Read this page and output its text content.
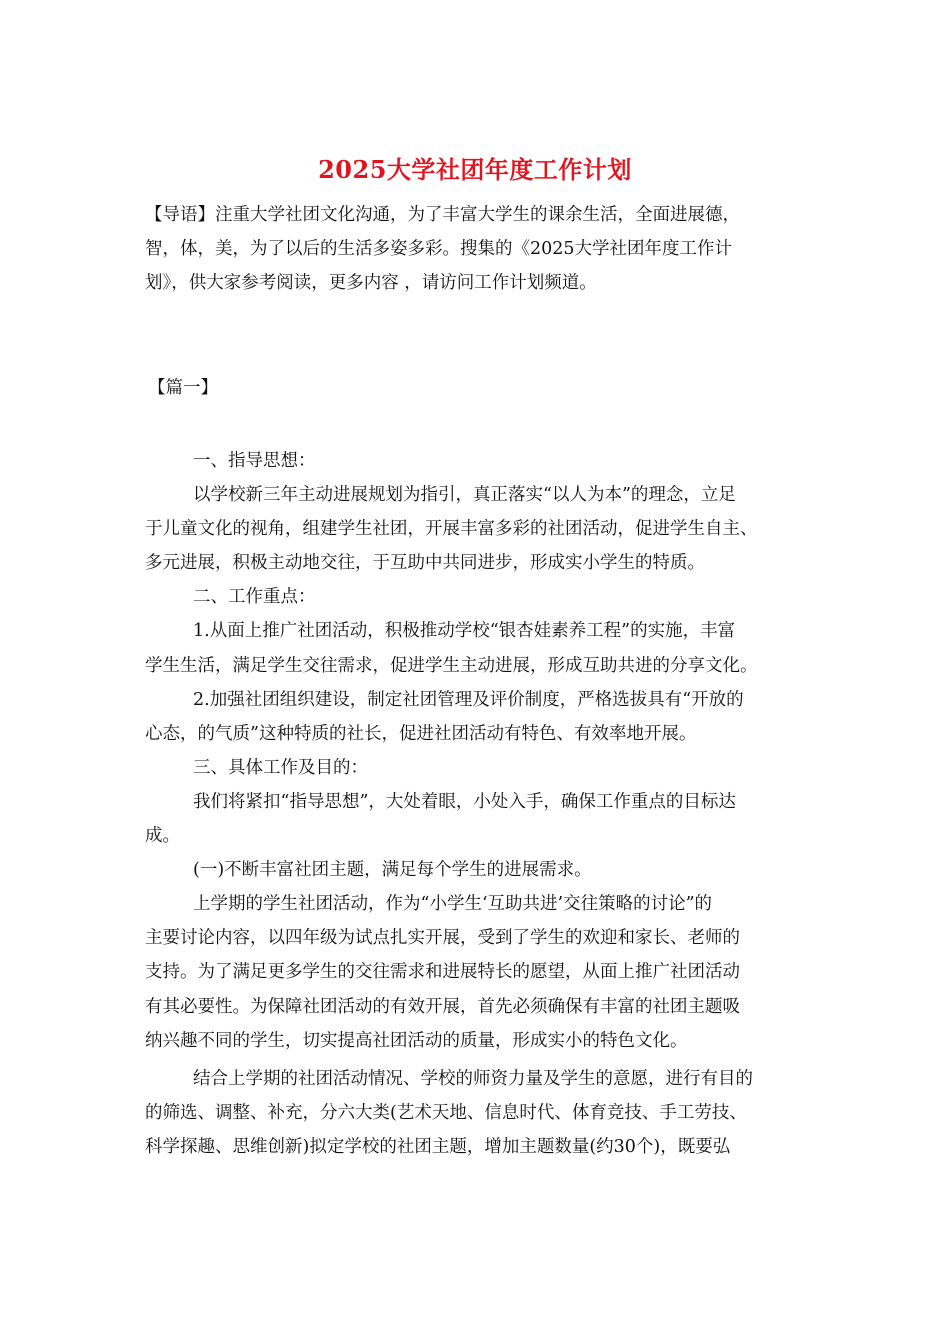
2025大学社团年度工作计划
【导语】注重大学社团文化沟通，为了丰富大学生的课余生活，全面进展德，
智，体，美，为了以后的生活多姿多彩。搜集的《2025大学社团年度工作计
划》，供大家参考阅读，更多内容 ，请访问工作计划频道。
【篇一】
一、指导思想：
以学校新三年主动进展规划为指引，真正落实“以人为本”的理念，立足
于儿童文化的视角，组建学生社团，开展丰富多彩的社团活动，促进学生自主、
多元进展，积极主动地交往，于互助中共同进步，形成实小学生的特质。
二、工作重点：
1.从面上推广社团活动，积极推动学校“银杏娃素养工程”的实施，丰富
学生生活，满足学生交往需求，促进学生主动进展，形成互助共进的分享文化。
2.加强社团组织建设，制定社团管理及评价制度，严格选拔具有“开放的
心态，的气质”这种特质的社长，促进社团活动有特色、有效率地开展。
三、具体工作及目的：
我们将紧扣“指导思想”，大处着眼，小处入手，确保工作重点的目标达
成。
(一)不断丰富社团主题，满足每个学生的进展需求。
上学期的学生社团活动，作为“小学生‘互助共进’交往策略的讨论”的
主要讨论内容，以四年级为试点扎实开展，受到了学生的欢迎和家长、老师的
支持。为了满足更多学生的交往需求和进展特长的愿望，从面上推广社团活动
有其必要性。为保障社团活动的有效开展，首先必须确保有丰富的社团主题吸
纳兴趣不同的学生，切实提高社团活动的质量，形成实小的特色文化。
结合上学期的社团活动情况、学校的师资力量及学生的意愿，进行有目的
的筛选、调整、补充，分六大类(艺术天地、信息时代、体育竞技、手工劳技、
科学探趣、思维创新)拟定学校的社团主题，增加主题数量(约30个)，既要弘
